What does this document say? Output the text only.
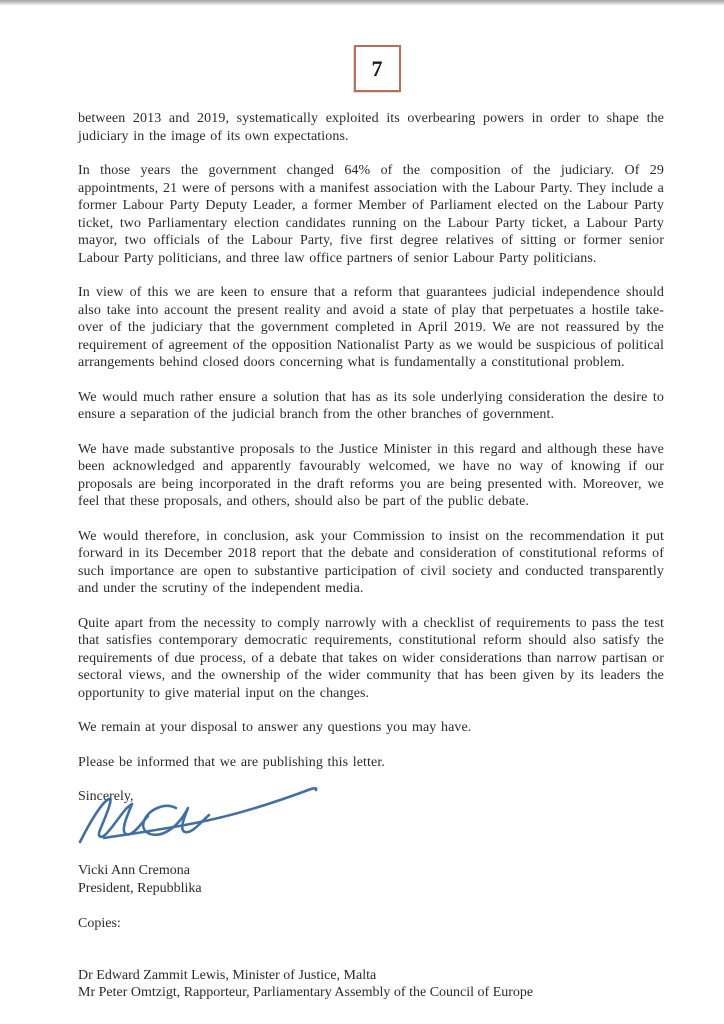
7

between 2013 and 2019, systematically exploited its overbearing powers in order to shape the judiciary in the image of its own expectations.

In those years the government changed 64% of the composition of the judiciary. Of 29 appointments, 21 were of persons with a manifest association with the Labour Party. They include a former Labour Party Deputy Leader, a former Member of Parliament elected on the Labour Party ticket, two Parliamentary election candidates running on the Labour Party ticket, a Labour Party mayor, two officials of the Labour Party, five first degree relatives of sitting or former senior Labour Party politicians, and three law office partners of senior Labour Party politicians.

In view of this we are keen to ensure that a reform that guarantees judicial independence should also take into account the present reality and avoid a state of play that perpetuates a hostile take-over of the judiciary that the government completed in April 2019. We are not reassured by the requirement of agreement of the opposition Nationalist Party as we would be suspicious of political arrangements behind closed doors concerning what is fundamentally a constitutional problem.

We would much rather ensure a solution that has as its sole underlying consideration the desire to ensure a separation of the judicial branch from the other branches of government.

We have made substantive proposals to the Justice Minister in this regard and although these have been acknowledged and apparently favourably welcomed, we have no way of knowing if our proposals are being incorporated in the draft reforms you are being presented with. Moreover, we feel that these proposals, and others, should also be part of the public debate.

We would therefore, in conclusion, ask your Commission to insist on the recommendation it put forward in its December 2018 report that the debate and consideration of constitutional reforms of such importance are open to substantive participation of civil society and conducted transparently and under the scrutiny of the independent media.

Quite apart from the necessity to comply narrowly with a checklist of requirements to pass the test that satisfies contemporary democratic requirements, constitutional reform should also satisfy the requirements of due process, of a debate that takes on wider considerations than narrow partisan or sectoral views, and the ownership of the wider community that has been given by its leaders the opportunity to give material input on the changes.

We remain at your disposal to answer any questions you may have.

Please be informed that we are publishing this letter.

Sincerely,
Vicki Ann Cremona
President, Repubblika
Copies:
Dr Edward Zammit Lewis, Minister of Justice, Malta
Mr Peter Omtzigt, Rapporteur, Parliamentary Assembly of the Council of Europe
